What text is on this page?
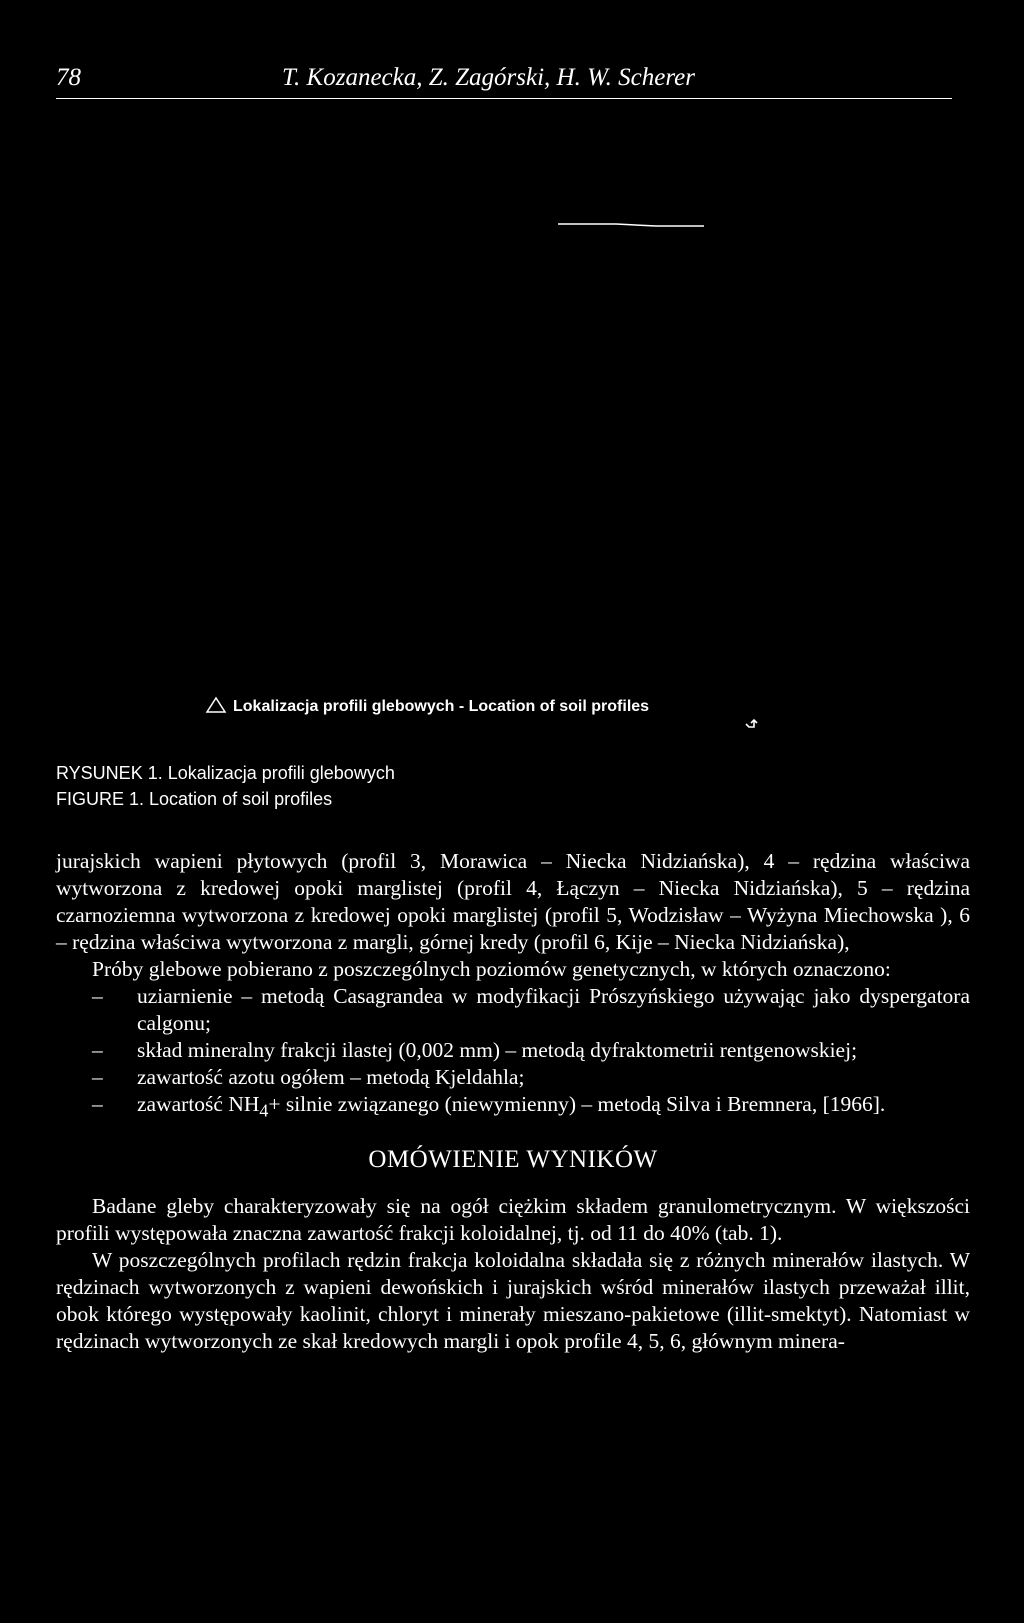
78	T. Kozanecka, Z. Zagórski, H. W. Scherer
Lokalizacja profili glebowych - Location of soil profiles
RYSUNEK 1. Lokalizacja profili glebowych
FIGURE 1. Location of soil profiles

jurajskich wapieni płytowych (profil 3, Morawica – Niecka Nidziańska), 4 – rędzina właściwa wytworzona z kredowej opoki marglistej (profil 4, Łączyn – Niecka Nidziańska), 5 – rędzina czarnoziemna wytworzona z kredowej opoki marglistej (profil 5, Wodzisław – Wyżyna Miechowska ), 6 – rędzina właściwa wytworzona z margli, górnej kredy (profil 6, Kije – Niecka Nidziańska),

Próby glebowe pobierano z poszczególnych poziomów genetycznych, w których oznaczono:

– uziarnienie – metodą Casagrandea w modyfikacji Prószyńskiego używając jako dyspergatora calgonu;
– skład mineralny frakcji ilastej (0,002 mm) – metodą dyfraktometrii rentgenowskiej;
– zawartość azotu ogółem – metodą Kjeldahla;
– zawartość $NH_4+$ silnie związanego (niewymienny) – metodą Silva i Bremnera, [1966].
OMÓWIENIE WYNIKÓW

Badane gleby charakteryzowały się na ogół ciężkim składem granulometrycznym. W większości profili występowała znaczna zawartość frakcji koloidalnej, tj. od 11 do 40% (tab. 1).

W poszczególnych profilach rędzin frakcja koloidalna składała się z różnych minerałów ilastych. W rędzinach wytworzonych z wapieni dewońskich i jurajskich wśród minerałów ilastych przeważał illit, obok którego występowały kaolinit, chloryt i minerały mieszano-pakietowe (illit-smektyt). Natomiast w rędzinach wytworzonych ze skał kredowych margli i opok profile 4, 5, 6, głównym minera-
